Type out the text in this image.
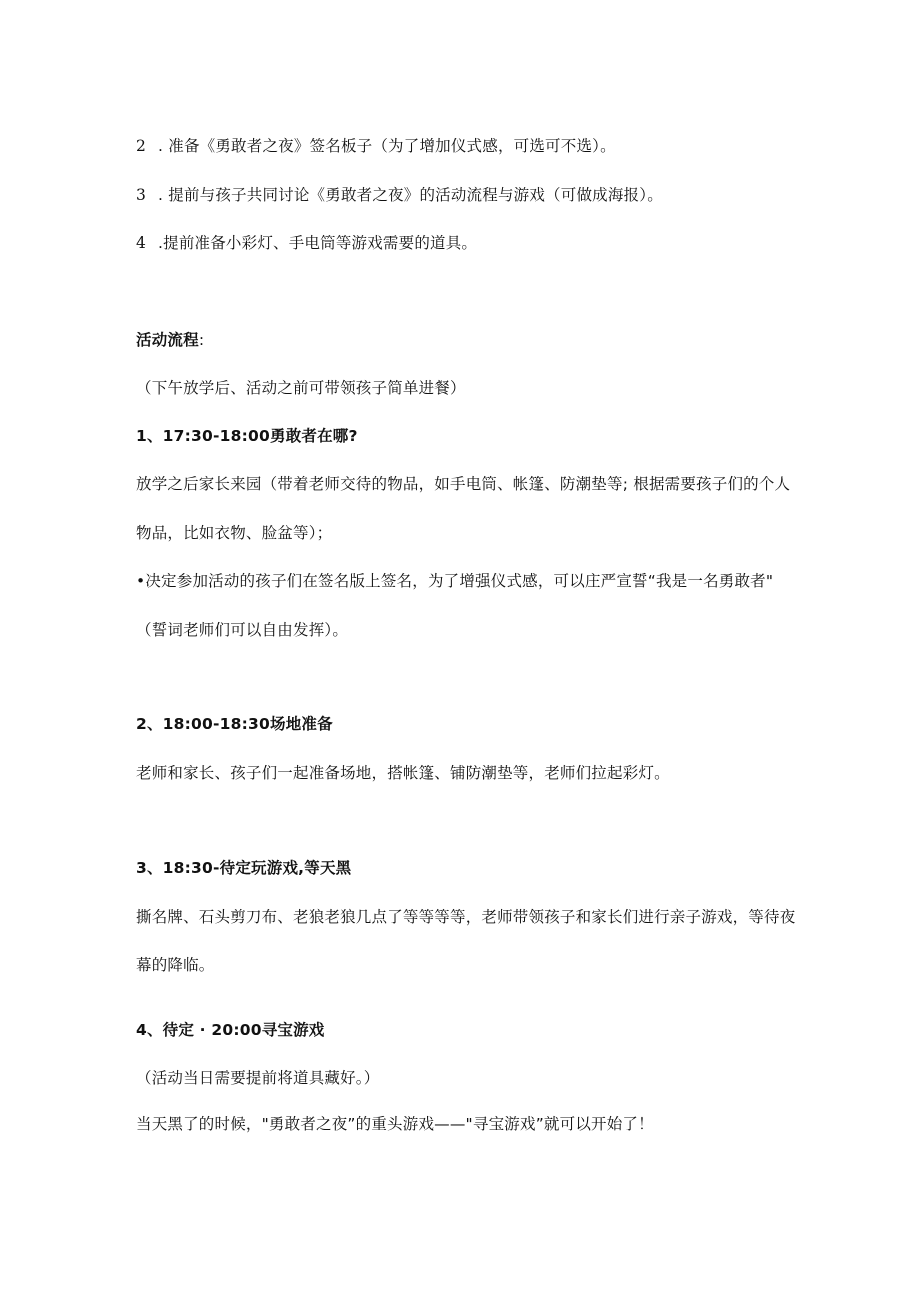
2 . 准备《勇敢者之夜》签名板子（为了增加仪式感，可选可不选）。
3 . 提前与孩子共同讨论《勇敢者之夜》的活动流程与游戏（可做成海报）。
4 .提前准备小彩灯、手电筒等游戏需要的道具。
活动流程:
（下午放学后、活动之前可带领孩子简单进餐）
1、17:30-18:00勇敢者在哪?
放学之后家长来园（带着老师交待的物品，如手电筒、帐篷、防潮垫等; 根据需要孩子们的个人
物品，比如衣物、脸盆等）；
•决定参加活动的孩子们在签名版上签名，为了增强仪式感，可以庄严宣誓“我是一名勇敢者"
（誓词老师们可以自由发挥）。
2、18:00-18:30场地准备
老师和家长、孩子们一起准备场地，搭帐篷、铺防潮垫等，老师们拉起彩灯。
3、18:30-待定玩游戏,等天黑
撕名牌、石头剪刀布、老狼老狼几点了等等等等，老师带领孩子和家长们进行亲子游戏，等待夜
幕的降临。
4、待定 · 20:00寻宝游戏
（活动当日需要提前将道具藏好。）
当天黑了的时候，"勇敢者之夜”的重头游戏——"寻宝游戏”就可以开始了！
